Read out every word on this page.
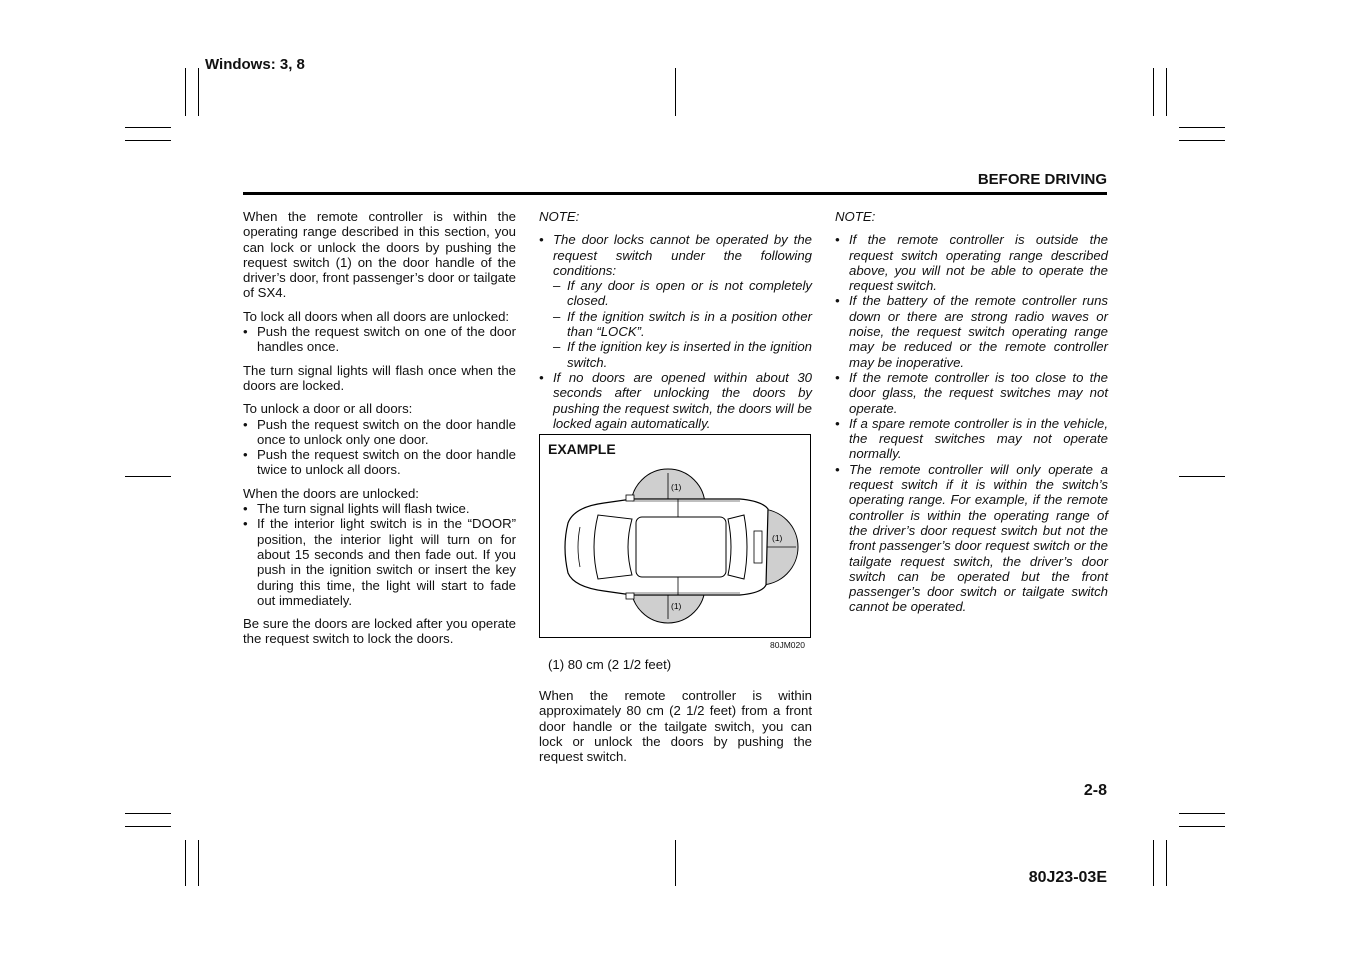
Windows: 3, 8
BEFORE DRIVING

When the remote controller is within the operating range described in this section, you can lock or unlock the doors by pushing the request switch (1) on the door handle of the driver’s door, front passenger’s door or tailgate of SX4.

To lock all doors when all doors are unlocked:

• Push the request switch on one of the door handles once.

The turn signal lights will flash once when the doors are locked.

To unlock a door or all doors:

• Push the request switch on the door handle once to unlock only one door.
• Push the request switch on the door handle twice to unlock all doors.

When the doors are unlocked:

• The turn signal lights will flash twice.
• If the interior light switch is in the “DOOR” position, the interior light will turn on for about 15 seconds and then fade out. If you push in the ignition switch or insert the key during this time, the light will start to fade out immediately.

Be sure the doors are locked after you operate the request switch to lock the doors.

NOTE:

• The door locks cannot be operated by the request switch under the following conditions:
– If any door is open or is not completely closed.
– If the ignition switch is in a position other than “LOCK”.
– If the ignition key is inserted in the ignition switch.
• If no doors are opened within about 30 seconds after unlocking the doors by pushing the request switch, the doors will be locked again automatically.
EXAMPLE
(1)
(1)
(1)
80JM020
(1) 80 cm (2 1/2 feet)
When the remote controller is within approximately 80 cm (2 1/2 feet) from a front door handle or the tailgate switch, you can lock or unlock the doors by pushing the request switch.

NOTE:

• If the remote controller is outside the request switch operating range described above, you will not be able to operate the request switch.
• If the battery of the remote controller runs down or there are strong radio waves or noise, the request switch operating range may be reduced or the remote controller may be inoperative.
• If the remote controller is too close to the door glass, the request switches may not operate.
• If a spare remote controller is in the vehicle, the request switches may not operate normally.
• The remote controller will only operate a request switch if it is within the switch’s operating range. For example, if the remote controller is within the operating range of the driver’s door request switch but not the front passenger’s door request switch or the tailgate request switch, the driver’s door switch can be operated but the front passenger’s door switch or tailgate switch cannot be operated.
2-8
80J23-03E
